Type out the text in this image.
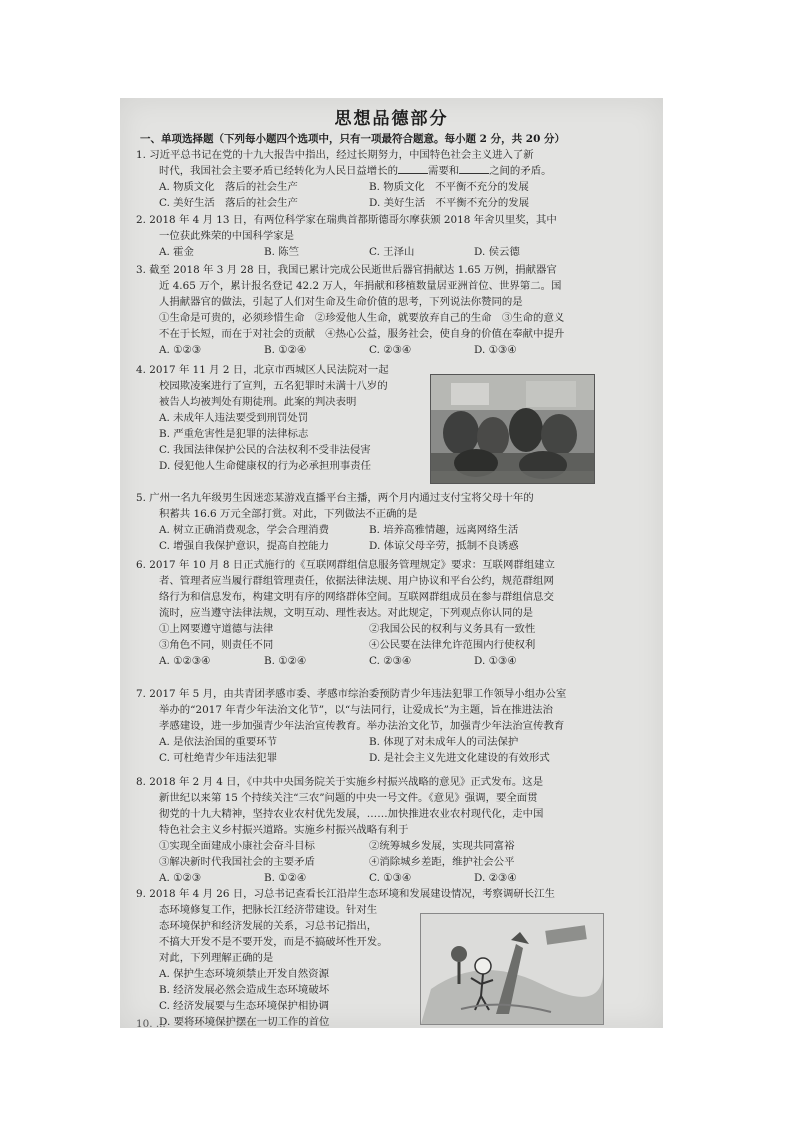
思想品德部分
一、单项选择题（下列每小题四个选项中，只有一项最符合题意。每小题 2 分，共 20 分）
1. 习近平总书记在党的十九大报告中指出，经过长期努力，中国特色社会主义进入了新
时代，我国社会主要矛盾已经转化为人民日益增长的	需要和	之间的矛盾。
A. 物质文化　落后的社会生产	B. 物质文化　不平衡不充分的发展
C. 美好生活　落后的社会生产	D. 美好生活　不平衡不充分的发展
2. 2018 年 4 月 13 日，有两位科学家在瑞典首都斯德哥尔摩获颁 2018 年舍贝里奖，其中
一位获此殊荣的中国科学家是
A. 霍金	B. 陈竺	C. 王泽山	D. 侯云德
3. 截至 2018 年 3 月 28 日，我国已累计完成公民逝世后器官捐献达 1.65 万例，捐献器官
近 4.65 万个，累计报名登记 42.2 万人，年捐献和移植数量居亚洲首位、世界第二。国
人捐献器官的做法，引起了人们对生命及生命价值的思考，下列说法你赞同的是
①生命是可贵的，必须珍惜生命　②珍爱他人生命，就要放弃自己的生命　③生命的意义
不在于长短，而在于对社会的贡献　④热心公益，服务社会，使自身的价值在奉献中提升
A. ①②③	B. ①②④	C. ②③④	D. ①③④
4. 2017 年 11 月 2 日，北京市西城区人民法院对一起
校园欺凌案进行了宣判，五名犯罪时未满十八岁的
被告人均被判处有期徒刑。此案的判决表明
A. 未成年人违法要受到刑罚处罚
B. 严重危害性是犯罪的法律标志
C. 我国法律保护公民的合法权利不受非法侵害
D. 侵犯他人生命健康权的行为必承担刑事责任
5. 广州一名九年级男生因迷恋某游戏直播平台主播，两个月内通过支付宝将父母十年的
积蓄共 16.6 万元全部打赏。对此，下列做法不正确的是
A. 树立正确消费观念，学会合理消费	B. 培养高雅情趣，远离网络生活
C. 增强自我保护意识，提高自控能力	D. 体谅父母辛劳，抵制不良诱惑
6. 2017 年 10 月 8 日正式施行的《互联网群组信息服务管理规定》要求：互联网群组建立
者、管理者应当履行群组管理责任，依据法律法规、用户协议和平台公约，规范群组网
络行为和信息发布，构建文明有序的网络群体空间。互联网群组成员在参与群组信息交
流时，应当遵守法律法规，文明互动、理性表达。对此规定，下列观点你认同的是
①上网要遵守道德与法律	②我国公民的权利与义务具有一致性
③角色不同，则责任不同	④公民要在法律允许范围内行使权利
A. ①②③④	B. ①②④	C. ②③④	D. ①③④
7. 2017 年 5 月，由共青团孝感市委、孝感市综治委预防青少年违法犯罪工作领导小组办公室
举办的“2017 年青少年法治文化节”，以“与法同行，让爱成长”为主题，旨在推进法治
孝感建设，进一步加强青少年法治宣传教育。举办法治文化节，加强青少年法治宣传教育
A. 是依法治国的重要环节	B. 体现了对未成年人的司法保护
C. 可杜绝青少年违法犯罪	D. 是社会主义先进文化建设的有效形式
8. 2018 年 2 月 4 日，《中共中央国务院关于实施乡村振兴战略的意见》正式发布。这是
新世纪以来第 15 个持续关注“三农”问题的中央一号文件。《意见》强调，要全面贯
彻党的十九大精神，坚持农业农村优先发展，……加快推进农业农村现代化，走中国
特色社会主义乡村振兴道路。实施乡村振兴战略有利于
①实现全面建成小康社会奋斗目标	②统筹城乡发展，实现共同富裕
③解决新时代我国社会的主要矛盾	④消除城乡差距，维护社会公平
A. ①②③	B. ①②④	C. ①③④	D. ②③④
9. 2018 年 4 月 26 日，习总书记查看长江沿岸生态环境和发展建设情况，考察调研长江生
态环境修复工作，把脉长江经济带建设。针对生
态环境保护和经济发展的关系，习总书记指出，
不搞大开发不是不要开发，而是不搞破坏性开发。
对此，下列理解正确的是
A. 保护生态环境须禁止开发自然资源
B. 经济发展必然会造成生态环境破坏
C. 经济发展要与生态环境保护相协调
D. 要将环境保护摆在一切工作的首位
10. ...
